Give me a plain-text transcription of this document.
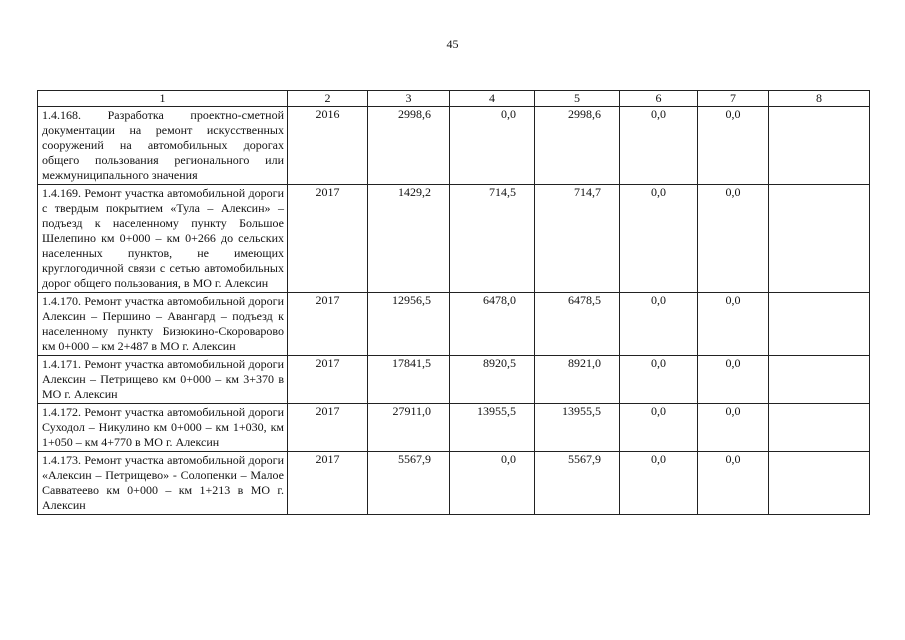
45
1	2	3	4	5	6	7	8
1.4.168. Разработка проектно-сметной документации на ремонт искусственных сооружений на автомобильных дорогах общего пользования регионального или межмуниципального значения	2016	2998,6	0,0	2998,6	0,0	0,0	
1.4.169. Ремонт участка автомобильной дороги с твердым покрытием «Тула – Алексин» – подъезд к населенному пункту Большое Шелепино км 0+000 – км 0+266 до сельских населенных пунктов, не имеющих круглогодичной связи с сетью автомобильных дорог общего пользования, в МО г. Алексин	2017	1429,2	714,5	714,7	0,0	0,0	
1.4.170. Ремонт участка автомобильной дороги Алексин – Першино – Авангард – подъезд к населенному пункту Бизюкино-Скороварово км 0+000 – км 2+487 в МО г. Алексин	2017	12956,5	6478,0	6478,5	0,0	0,0	
1.4.171. Ремонт участка автомобильной дороги Алексин – Петрищево км 0+000 – км 3+370 в МО г. Алексин	2017	17841,5	8920,5	8921,0	0,0	0,0	
1.4.172. Ремонт участка автомобильной дороги Суходол – Никулино км 0+000 – км 1+030, км 1+050 – км 4+770 в МО г. Алексин	2017	27911,0	13955,5	13955,5	0,0	0,0	
1.4.173. Ремонт участка автомобильной дороги «Алексин – Петрищево» - Солопенки – Малое Савватеево км 0+000 – км 1+213 в МО г. Алексин	2017	5567,9	0,0	5567,9	0,0	0,0	
